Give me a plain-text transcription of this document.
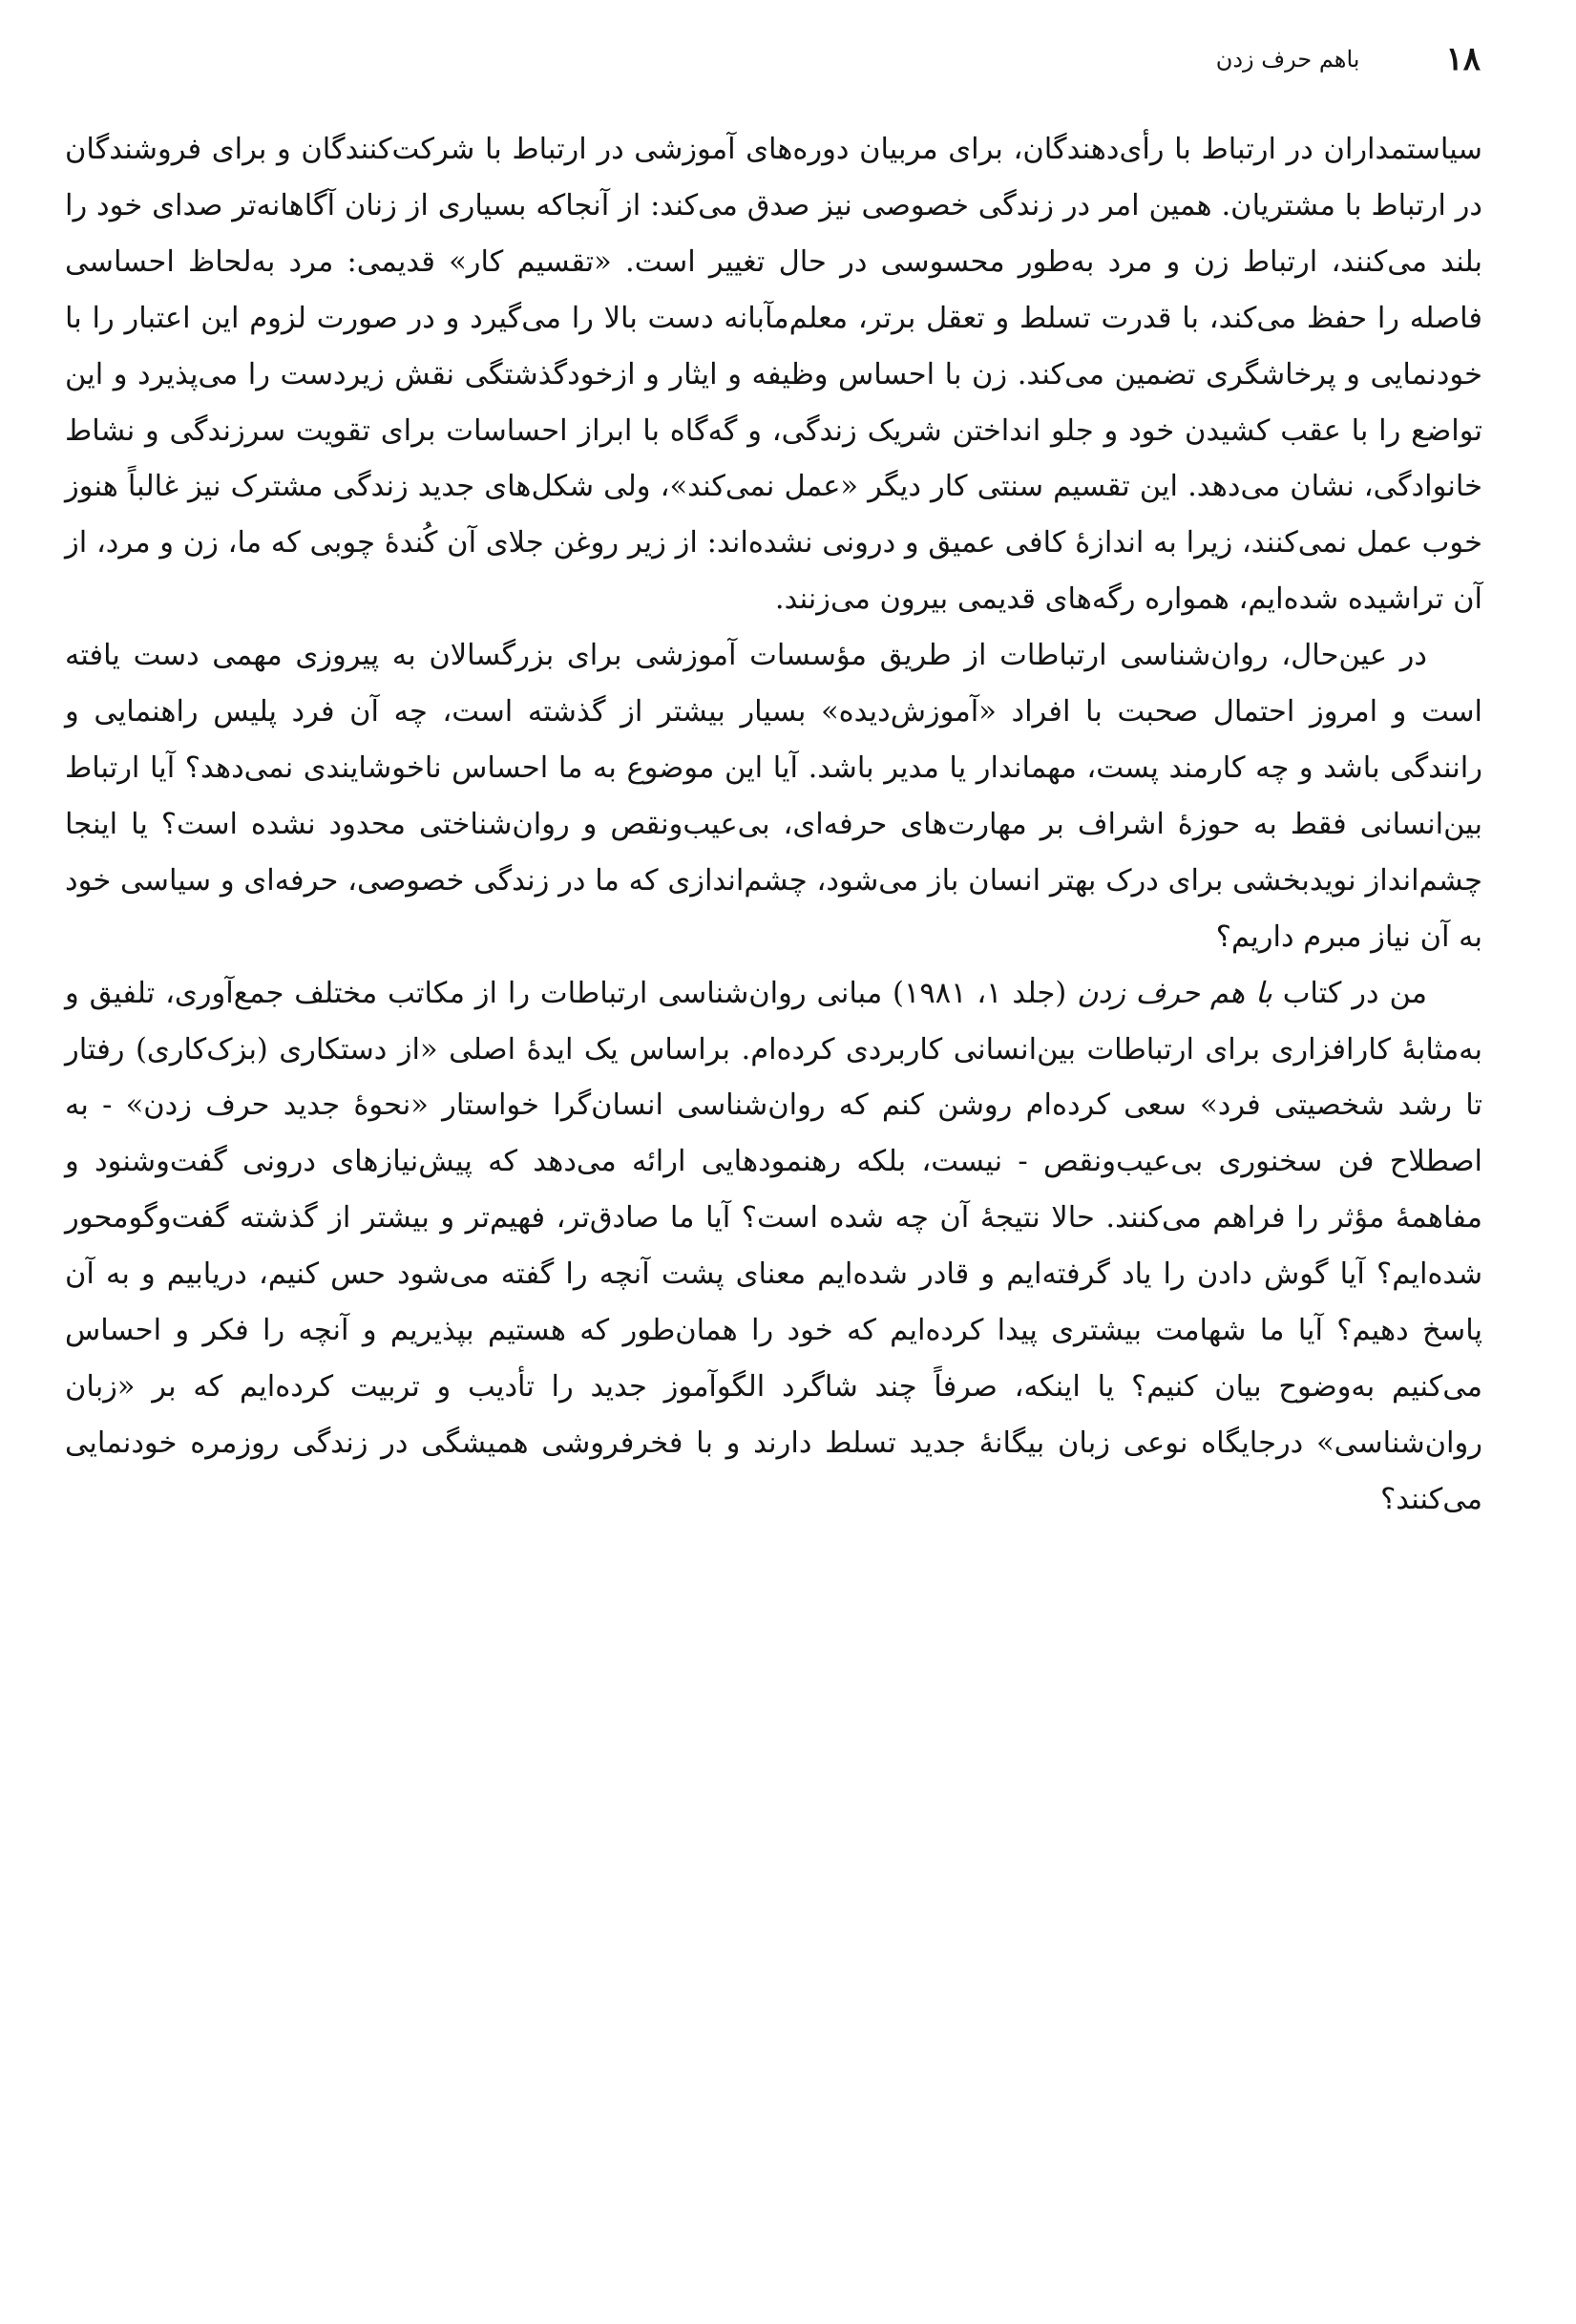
۱۸
باهم حرف زدن

سیاستمداران در ارتباط با رأی‌دهندگان، برای مربیان دوره‌های آموزشی در ارتباط با شرکت‌کنندگان و برای فروشندگان در ارتباط با مشتریان. همین امر در زندگی خصوصی نیز صدق می‌کند: از آنجاکه بسیاری از زنان آگاهانه‌تر صدای خود را بلند می‌کنند، ارتباط زن و مرد به‌طور محسوسی در حال تغییر است. «تقسیم کار» قدیمی: مرد به‌لحاظ احساسی فاصله را حفظ می‌کند، با قدرت تسلط و تعقل برتر، معلم‌مآبانه دست بالا را می‌گیرد و در صورت لزوم این اعتبار را با خودنمایی و پرخاشگری تضمین می‌کند. زن با احساس وظیفه و ایثار و ازخودگذشتگی نقش زیردست را می‌پذیرد و این تواضع را با عقب کشیدن خود و جلو انداختن شریک زندگی، و گه‌گاه با ابراز احساسات برای تقویت سرزندگی و نشاط خانوادگی، نشان می‌دهد. این تقسیم سنتی کار دیگر «عمل نمی‌کند»، ولی شکل‌های جدید زندگی مشترک نیز غالباً هنوز خوب عمل نمی‌کنند، زیرا به اندازهٔ کافی عمیق و درونی نشده‌اند: از زیر روغن جلای آن کُندهٔ چوبی که ما، زن و مرد، از آن تراشیده شده‌ایم، همواره رگه‌های قدیمی بیرون می‌زنند.

در عین‌حال، روان‌شناسی ارتباطات از طریق مؤسسات آموزشی برای بزرگسالان به پیروزی مهمی دست یافته است و امروز احتمال صحبت با افراد «آموزش‌دیده» بسیار بیشتر از گذشته است، چه آن فرد پلیس راهنمایی و رانندگی باشد و چه کارمند پست، مهماندار یا مدیر باشد. آیا این موضوع به ما احساس ناخوشایندی نمی‌دهد؟ آیا ارتباط بین‌انسانی فقط به حوزهٔ اشراف بر مهارت‌های حرفه‌ای، بی‌عیب‌ونقص و روان‌شناختی محدود نشده است؟ یا اینجا چشم‌انداز نویدبخشی برای درک بهتر انسان باز می‌شود، چشم‌اندازی که ما در زندگی خصوصی، حرفه‌ای و سیاسی خود به آن نیاز مبرم داریم؟

من در کتاب با هم حرف زدن (جلد ۱، ۱۹۸۱) مبانی روان‌شناسی ارتباطات را از مکاتب مختلف جمع‌آوری، تلفیق و به‌مثابهٔ کارافزاری برای ارتباطات بین‌انسانی کاربردی کرده‌ام. براساس یک ایدهٔ اصلی «از دستکاری (بزک‌کاری) رفتار تا رشد شخصیتی فرد» سعی کرده‌ام روشن کنم که روان‌شناسی انسان‌گرا خواستار «نحوهٔ جدید حرف زدن» - به اصطلاح فن سخنوری بی‌عیب‌ونقص - نیست، بلکه رهنمودهایی ارائه می‌دهد که پیش‌نیازهای درونی گفت‌وشنود و مفاهمهٔ مؤثر را فراهم می‌کنند. حالا نتیجهٔ آن چه شده است؟ آیا ما صادق‌تر، فهیم‌تر و بیشتر از گذشته گفت‌وگومحور شده‌ایم؟ آیا گوش دادن را یاد گرفته‌ایم و قادر شده‌ایم معنای پشت آنچه را گفته می‌شود حس کنیم، دریابیم و به آن پاسخ دهیم؟ آیا ما شهامت بیشتری پیدا کرده‌ایم که خود را همان‌طور که هستیم بپذیریم و آنچه را فکر و احساس می‌کنیم به‌وضوح بیان کنیم؟ یا اینکه، صرفاً چند شاگرد الگوآموز جدید را تأدیب و تربیت کرده‌ایم که بر «زبان روان‌شناسی» درجایگاه نوعی زبان بیگانهٔ جدید تسلط دارند و با فخرفروشی همیشگی در زندگی روزمره خودنمایی می‌کنند؟
